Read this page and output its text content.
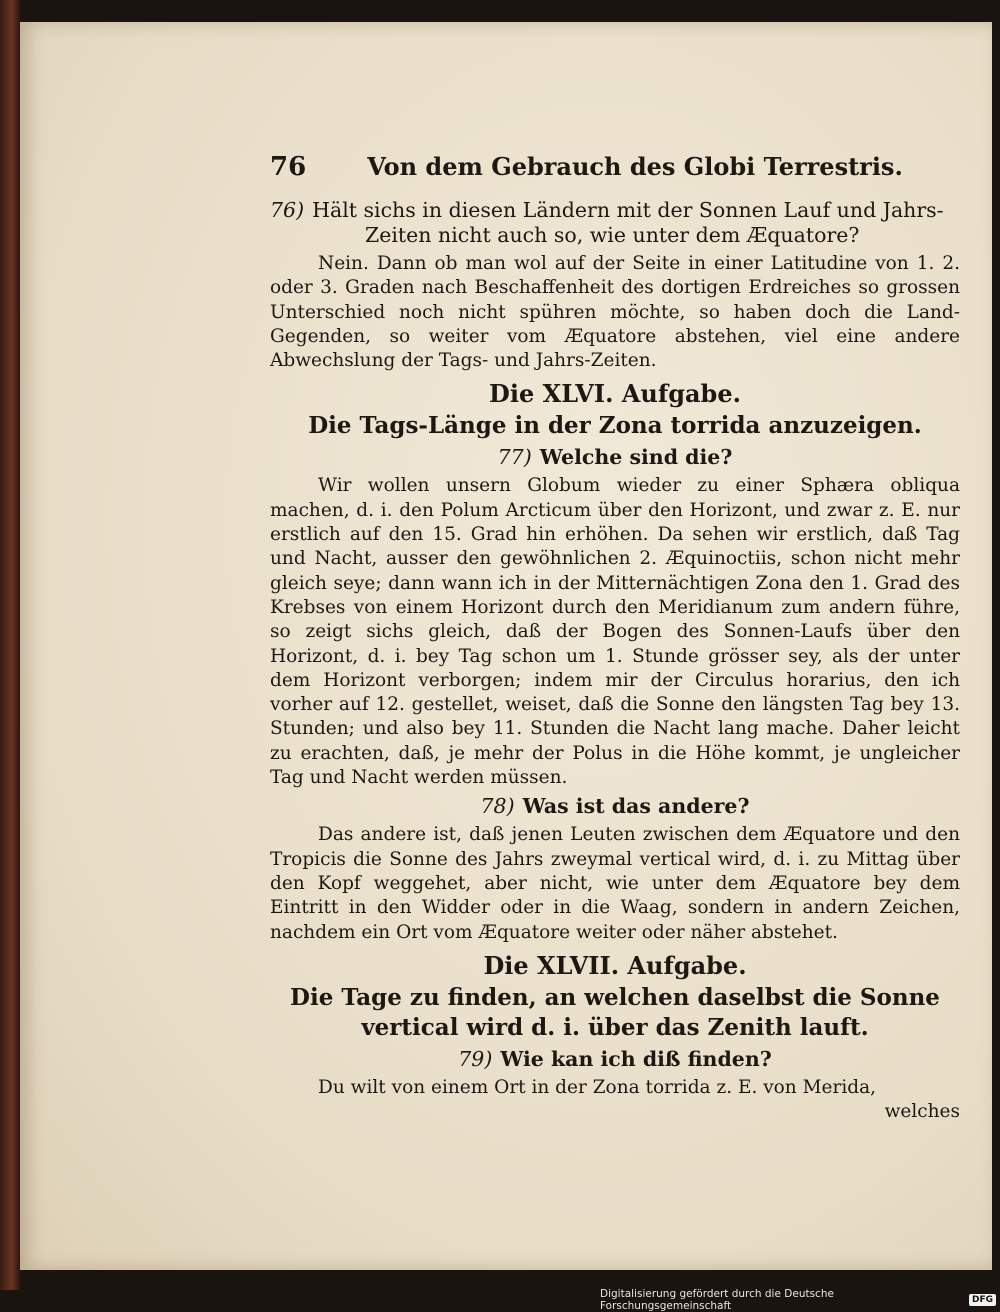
76	Von dem Gebrauch des Globi Terrestris.

76) Hält sichs in diesen Ländern mit der Sonnen Lauf und Jahrs-Zeiten nicht auch so, wie unter dem Æquatore?

Nein. Dann ob man wol auf der Seite in einer Latitudine von 1. 2. oder 3. Graden nach Beschaffenheit des dortigen Erdreiches so grossen Unterschied noch nicht spühren möchte, so haben doch die Land-Gegenden, so weiter vom Æquatore abstehen, viel eine andere Abwechslung der Tags- und Jahrs-Zeiten.

Die XLVI. Aufgabe.

Die Tags-Länge in der Zona torrida anzuzeigen.

77) Welche sind die?

Wir wollen unsern Globum wieder zu einer Sphæra obliqua machen, d. i. den Polum Arcticum über den Horizont, und zwar z. E. nur erstlich auf den 15. Grad hin erhöhen. Da sehen wir erstlich, daß Tag und Nacht, ausser den gewöhnlichen 2. Æquinoctiis, schon nicht mehr gleich seye; dann wann ich in der Mitternächtigen Zona den 1. Grad des Krebses von einem Horizont durch den Meridianum zum andern führe, so zeigt sichs gleich, daß der Bogen des Sonnen-Laufs über den Horizont, d. i. bey Tag schon um 1. Stunde grösser sey, als der unter dem Horizont verborgen; indem mir der Circulus horarius, den ich vorher auf 12. gestellet, weiset, daß die Sonne den längsten Tag bey 13. Stunden; und also bey 11. Stunden die Nacht lang mache. Daher leicht zu erachten, daß, je mehr der Polus in die Höhe kommt, je ungleicher Tag und Nacht werden müssen.

78) Was ist das andere?

Das andere ist, daß jenen Leuten zwischen dem Æquatore und den Tropicis die Sonne des Jahrs zweymal vertical wird, d. i. zu Mittag über den Kopf weggehet, aber nicht, wie unter dem Æquatore bey dem Eintritt in den Widder oder in die Waag, sondern in andern Zeichen, nachdem ein Ort vom Æquatore weiter oder näher abstehet.

Die XLVII. Aufgabe.

Die Tage zu finden, an welchen daselbst die Sonne vertical wird d. i. über das Zenith lauft.

79) Wie kan ich diß finden?

Du wilt von einem Ort in der Zona torrida z. E. von Merida,

welches

Digitalisierung gefördert durch die Deutsche Forschungsgemeinschaft	DFG
